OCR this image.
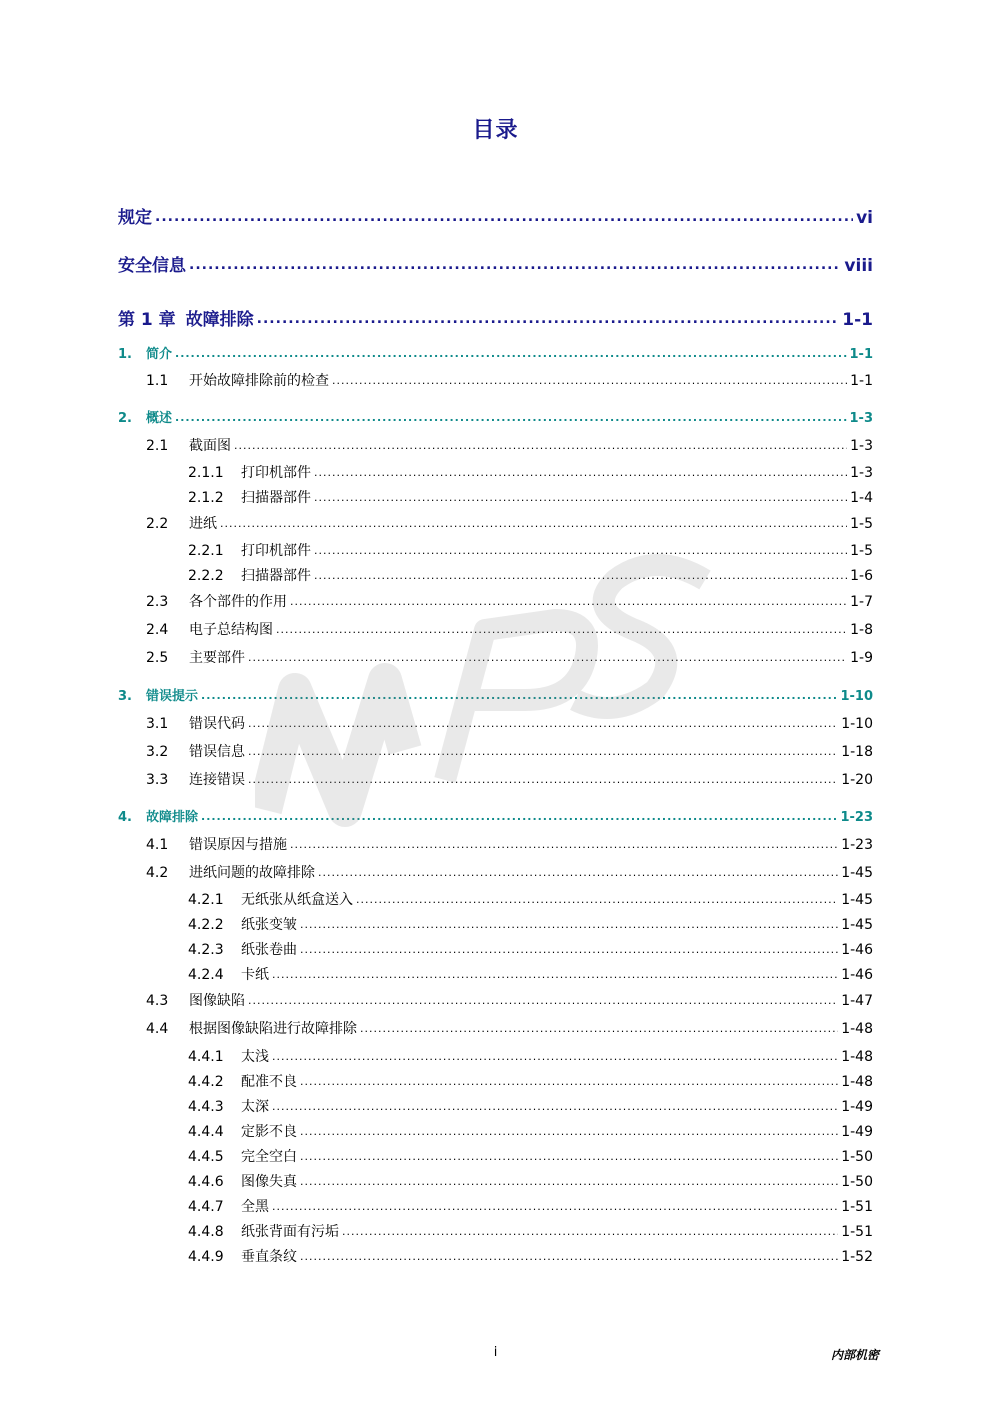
目录
规定 .....	vi
安全信息 .....	viii
第 1 章 故障排除 .....	1-1
1.	简介 .....	1-1
1.1	开始故障排除前的检查 .....	1-1
2.	概述 .....	1-3
2.1	截面图 .....	1-3
2.1.1	打印机部件 .....	1-3
2.1.2	扫描器部件 .....	1-4
2.2	进纸 .....	1-5
2.2.1	打印机部件 .....	1-5
2.2.2	扫描器部件 .....	1-6
2.3	各个部件的作用 .....	1-7
2.4	电子总结构图 .....	1-8
2.5	主要部件 .....	1-9
3.	错误提示 .....	1-10
3.1	错误代码 .....	1-10
3.2	错误信息 .....	1-18
3.3	连接错误 .....	1-20
4.	故障排除 .....	1-23
4.1	错误原因与措施 .....	1-23
4.2	进纸问题的故障排除 .....	1-45
4.2.1	无纸张从纸盒送入 .....	1-45
4.2.2	纸张变皱 .....	1-45
4.2.3	纸张卷曲 .....	1-46
4.2.4	卡纸 .....	1-46
4.3	图像缺陷 .....	1-47
4.4	根据图像缺陷进行故障排除 .....	1-48
4.4.1	太浅 .....	1-48
4.4.2	配准不良 .....	1-48
4.4.3	太深 .....	1-49
4.4.4	定影不良 .....	1-49
4.4.5	完全空白 .....	1-50
4.4.6	图像失真 .....	1-50
4.4.7	全黑 .....	1-51
4.4.8	纸张背面有污垢 .....	1-51
4.4.9	垂直条纹 .....	1-52
i	内部机密
